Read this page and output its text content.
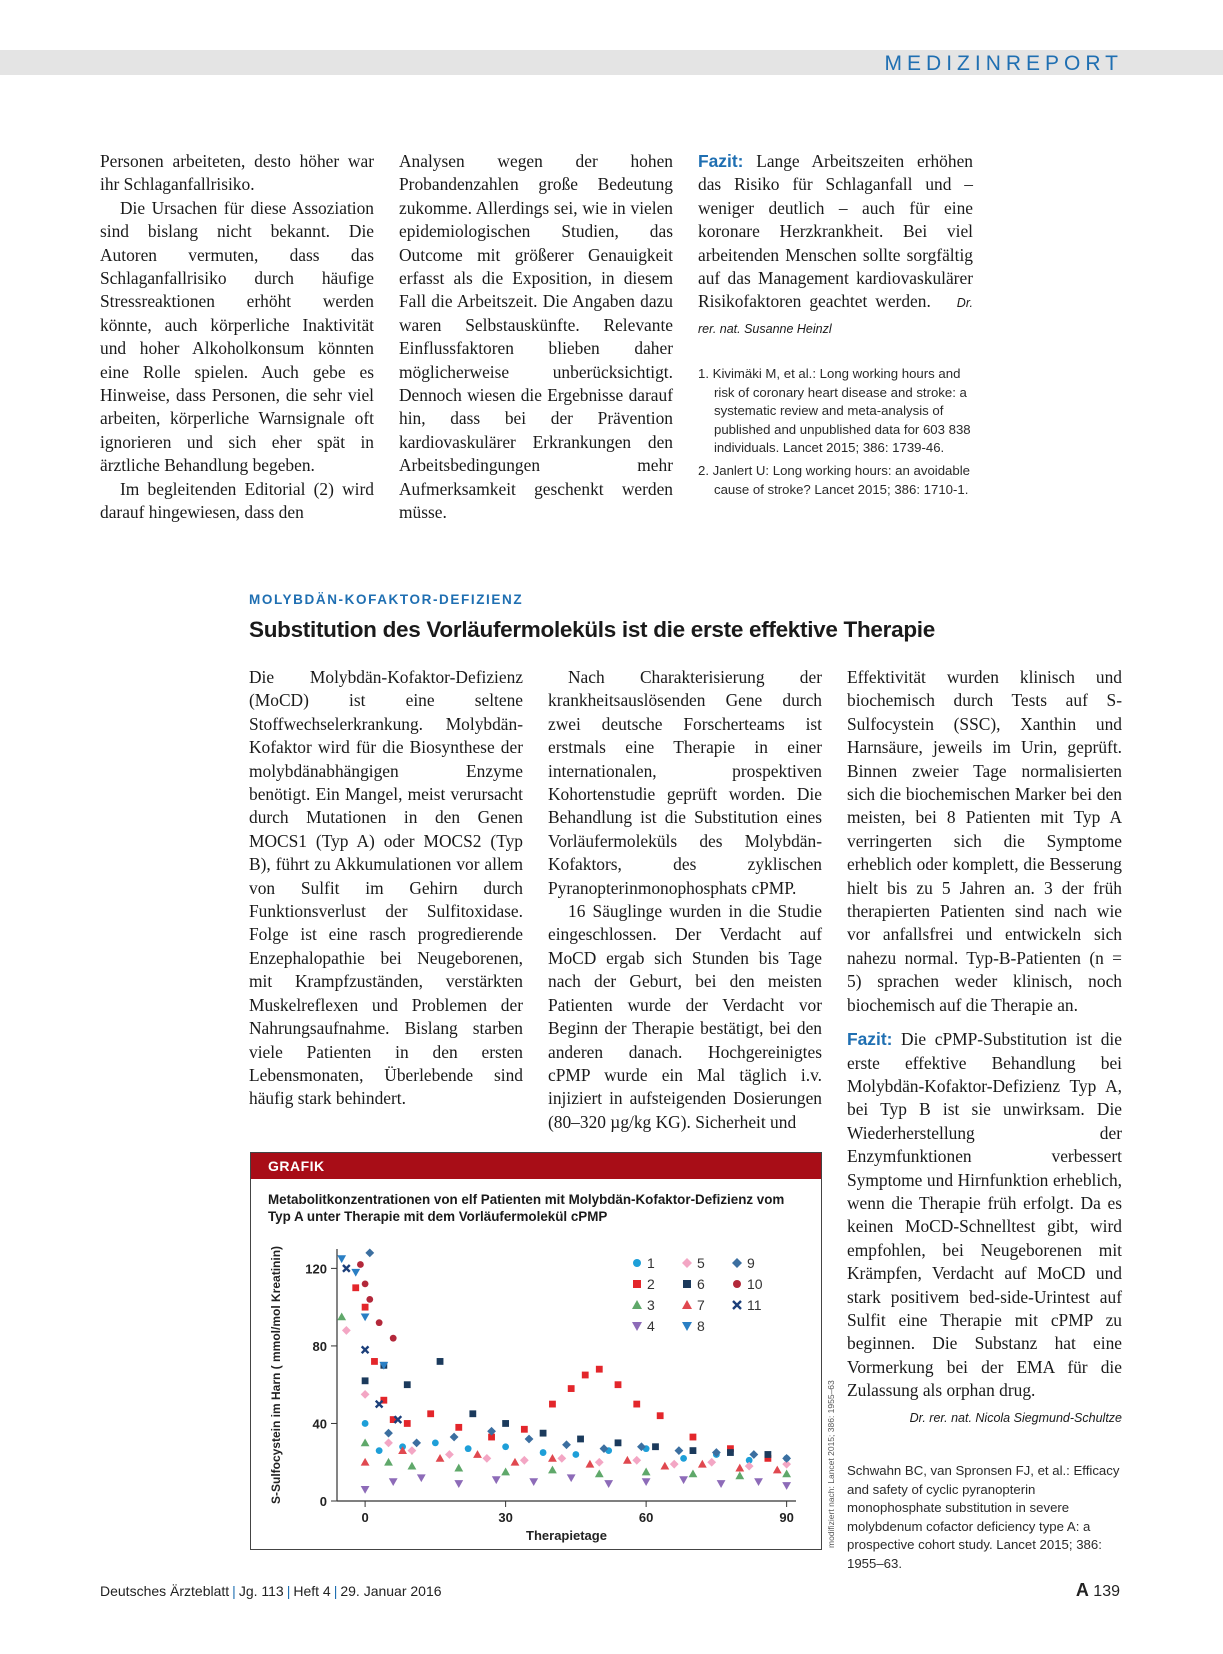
MEDIZINREPORT

Personen arbeiteten, desto höher war ihr Schlaganfallrisiko.

Die Ursachen für diese Assoziation sind bislang nicht bekannt. Die Autoren vermuten, dass das Schlaganfallrisiko durch häufige Stressreaktionen erhöht werden könnte, auch körperliche Inaktivität und hoher Alkoholkonsum könnten eine Rolle spielen. Auch gebe es Hinweise, dass Personen, die sehr viel arbeiten, körperliche Warnsignale oft ignorieren und sich eher spät in ärztliche Behandlung begeben.

Im begleitenden Editorial (2) wird darauf hingewiesen, dass den

Analysen wegen der hohen Probandenzahlen große Bedeutung zukomme. Allerdings sei, wie in vielen epidemiologischen Studien, das Outcome mit größerer Genauigkeit erfasst als die Exposition, in diesem Fall die Arbeitszeit. Die Angaben dazu waren Selbstauskünfte. Relevante Einflussfaktoren blieben daher möglicherweise unberücksichtigt. Dennoch wiesen die Ergebnisse darauf hin, dass bei der Prävention kardiovaskulärer Erkrankungen den Arbeitsbedingungen mehr Aufmerksamkeit geschenkt werden müsse.

Fazit: Lange Arbeitszeiten erhöhen das Risiko für Schlaganfall und – weniger deutlich – auch für eine koronare Herzkrankheit. Bei viel arbeitenden Menschen sollte sorgfältig auf das Management kardiovaskulärer Risikofaktoren geachtet werden. Dr. rer. nat. Susanne Heinzl

1. Kivimäki M, et al.: Long working hours and risk of coronary heart disease and stroke: a systematic review and meta-analysis of published and unpublished data for 603 838 individuals. Lancet 2015; 386: 1739-46.
2. Janlert U: Long working hours: an avoidable cause of stroke? Lancet 2015; 386: 1710-1.
MOLYBDÄN-KOFAKTOR-DEFIZIENZ
Substitution des Vorläufermoleküls ist die erste effektive Therapie

Die Molybdän-Kofaktor-Defizienz (MoCD) ist eine seltene Stoffwechselerkrankung. Molybdän-Kofaktor wird für die Biosynthese der molybdänabhängigen Enzyme benötigt. Ein Mangel, meist verursacht durch Mutationen in den Genen MOCS1 (Typ A) oder MOCS2 (Typ B), führt zu Akkumulationen vor allem von Sulfit im Gehirn durch Funktionsverlust der Sulfitoxidase. Folge ist eine rasch progredierende Enzephalopathie bei Neugeborenen, mit Krampfzuständen, verstärkten Muskelreflexen und Problemen der Nahrungsaufnahme. Bislang starben viele Patienten in den ersten Lebensmonaten, Überlebende sind häufig stark behindert.

Nach Charakterisierung der krankheitsauslösenden Gene durch zwei deutsche Forscherteams ist erstmals eine Therapie in einer internationalen, prospektiven Kohortenstudie geprüft worden. Die Behandlung ist die Substitution eines Vorläufermoleküls des Molybdän-Kofaktors, des zyklischen Pyranopterinmonophosphats cPMP.

16 Säuglinge wurden in die Studie eingeschlossen. Der Verdacht auf MoCD ergab sich Stunden bis Tage nach der Geburt, bei den meisten Patienten wurde der Verdacht vor Beginn der Therapie bestätigt, bei den anderen danach. Hochgereinigtes cPMP wurde ein Mal täglich i.v. injiziert in aufsteigenden Dosierungen (80–320 µg/kg KG). Sicherheit und

Effektivität wurden klinisch und biochemisch durch Tests auf S-Sulfocystein (SSC), Xanthin und Harnsäure, jeweils im Urin, geprüft. Binnen zweier Tage normalisierten sich die biochemischen Marker bei den meisten, bei 8 Patienten mit Typ A verringerten sich die Symptome erheblich oder komplett, die Besserung hielt bis zu 5 Jahren an. 3 der früh therapierten Patienten sind nach wie vor anfallsfrei und entwickeln sich nahezu normal. Typ-B-Patienten (n = 5) sprachen weder klinisch, noch biochemisch auf die Therapie an.

Fazit: Die cPMP-Substitution ist die erste effektive Behandlung bei Molybdän-Kofaktor-Defizienz Typ A, bei Typ B ist sie unwirksam. Die Wiederherstellung der Enzymfunktionen verbessert Symptome und Hirnfunktion erheblich, wenn die Therapie früh erfolgt. Da es keinen MoCD-Schnelltest gibt, wird empfohlen, bei Neugeborenen mit Krämpfen, Verdacht auf MoCD und stark positivem bed-side-Urintest auf Sulfit eine Therapie mit cPMP zu beginnen. Die Substanz hat eine Vormerkung bei der EMA für die Zulassung als orphan drug.

Dr. rer. nat. Nicola Siegmund-Schultze

Schwahn BC, van Spronsen FJ, et al.: Efficacy and safety of cyclic pyranopterin monophosphate substitution in severe molybdenum cofactor deficiency type A: a prospective cohort study. Lancet 2015; 386: 1955–63.
GRAFIK
Metabolitkonzentrationen von elf Patienten mit Molybdän-Kofaktor-Defizienz vom Typ A unter Therapie mit dem Vorläufermolekül cPMP
0
40
80
120
0	30	60	90
Therapietage
S-Sulfocystein im Harn ( mmol/mol Kreatinin)	1
2
3
4
5
6
7
8
9
10
11
modifiziert nach: Lancet 2015; 386: 1955–63
Deutsches Ärzteblatt | Jg. 113 | Heft 4 | 29. Januar 2016	A 139
